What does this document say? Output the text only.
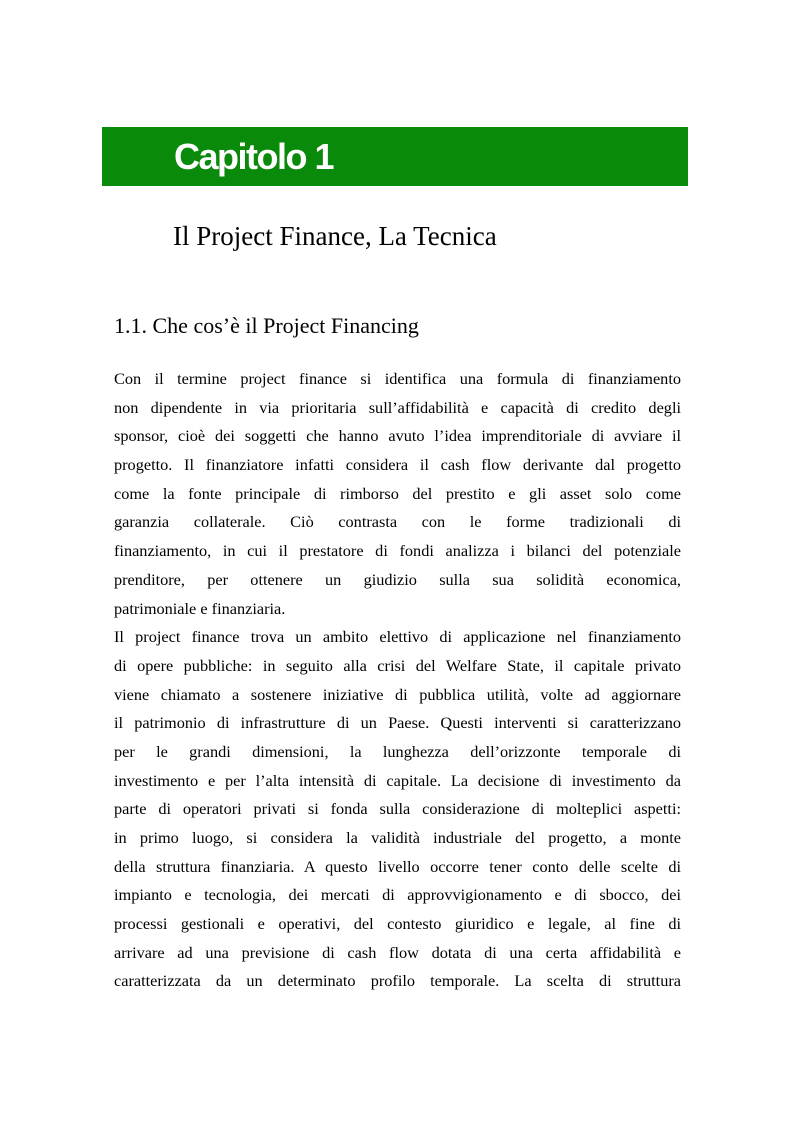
Capitolo 1
Il Project Finance, La Tecnica
1.1. Che cos’è il Project Financing
Con il termine project finance si identifica una formula di finanziamento
non dipendente in via prioritaria sull’affidabilità e capacità di credito degli
sponsor, cioè dei soggetti che hanno avuto l’idea imprenditoriale di avviare il
progetto. Il finanziatore infatti considera il cash flow derivante dal progetto
come la fonte principale di rimborso del prestito e gli asset solo come
garanzia collaterale. Ciò contrasta con le forme tradizionali di
finanziamento, in cui il prestatore di fondi analizza i bilanci del potenziale
prenditore, per ottenere un giudizio sulla sua solidità economica,
patrimoniale e finanziaria.
Il project finance trova un ambito elettivo di applicazione nel finanziamento
di opere pubbliche: in seguito alla crisi del Welfare State, il capitale privato
viene chiamato a sostenere iniziative di pubblica utilità, volte ad aggiornare
il patrimonio di infrastrutture di un Paese. Questi interventi si caratterizzano
per le grandi dimensioni, la lunghezza dell’orizzonte temporale di
investimento e per l’alta intensità di capitale. La decisione di investimento da
parte di operatori privati si fonda sulla considerazione di molteplici aspetti:
in primo luogo, si considera la validità industriale del progetto, a monte
della struttura finanziaria. A questo livello occorre tener conto delle scelte di
impianto e tecnologia, dei mercati di approvvigionamento e di sbocco, dei
processi gestionali e operativi, del contesto giuridico e legale, al fine di
arrivare ad una previsione di cash flow dotata di una certa affidabilità e
caratterizzata da un determinato profilo temporale. La scelta di struttura
